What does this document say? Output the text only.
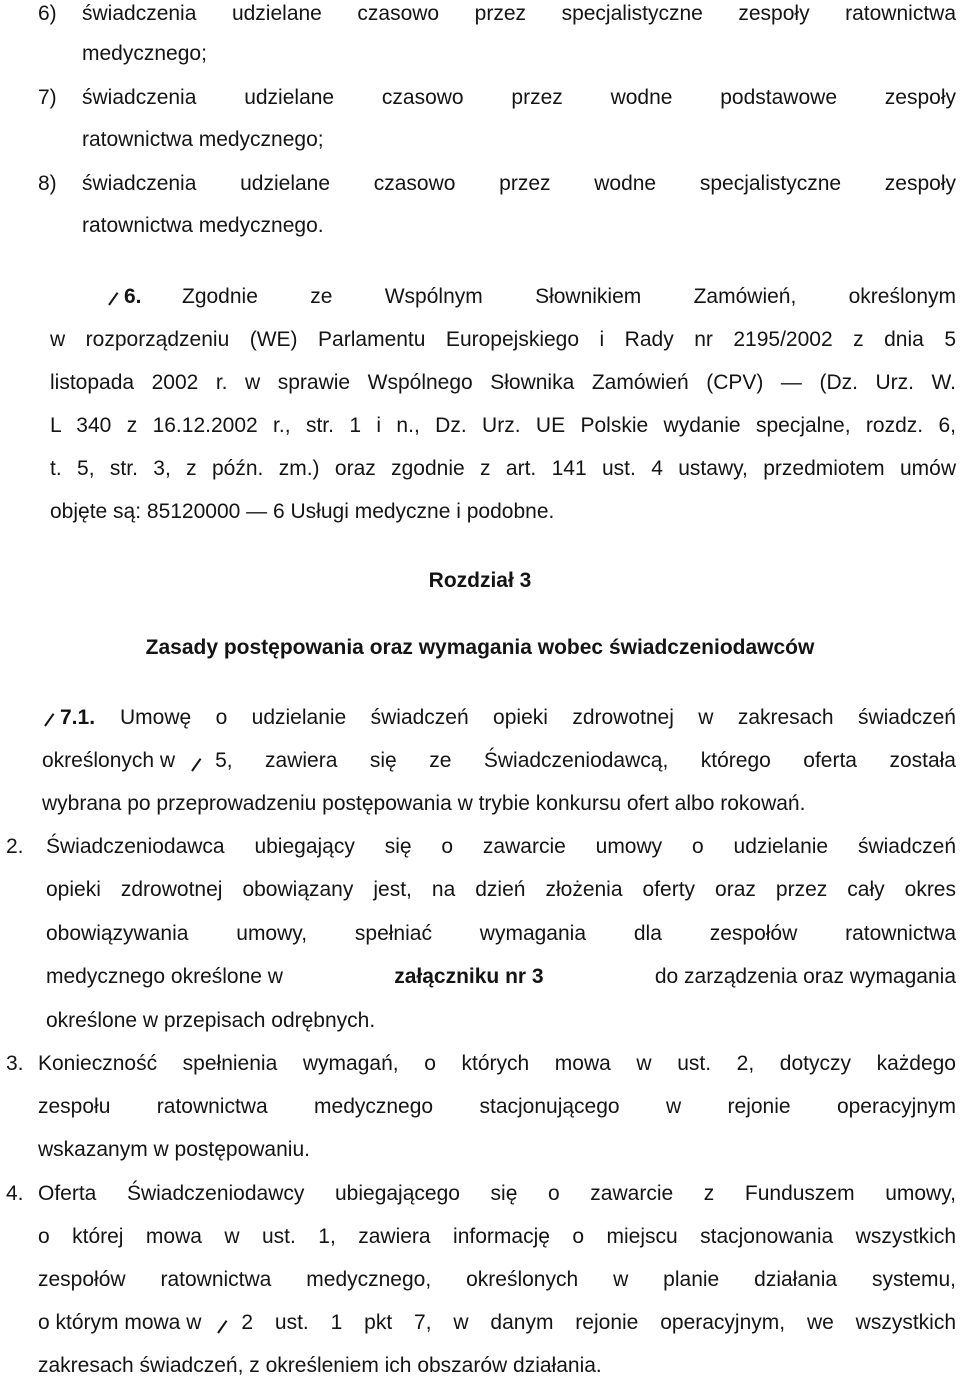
6) świadczenia udzielane czasowo przez specjalistyczne zespoły ratownictwa
medycznego;
7) świadczenia udzielane czasowo przez wodne podstawowe zespoły
ratownictwa medycznego;
8) świadczenia udzielane czasowo przez wodne specjalistyczne zespoły
ratownictwa medycznego.
6. Zgodnie ze Wspólnym Słownikiem Zamówień, określonym
w rozporządzeniu (WE) Parlamentu Europejskiego i Rady nr 2195/2002 z dnia 5
listopada 2002 r. w sprawie Wspólnego Słownika Zamówień (CPV) — (Dz. Urz. W.
L 340 z 16.12.2002 r., str. 1 i n., Dz. Urz. UE Polskie wydanie specjalne, rozdz. 6,
t. 5, str. 3, z późn. zm.) oraz zgodnie z art. 141 ust. 4 ustawy, przedmiotem umów
objęte są: 85120000 — 6 Usługi medyczne i podobne.
Rozdział 3
Zasady postępowania oraz wymagania wobec świadczeniodawców
7.1. Umowę o udzielanie świadczeń opieki zdrowotnej w zakresach świadczeń
określonych w 5, zawiera się ze Świadczeniodawcą, którego oferta została
wybrana po przeprowadzeniu postępowania w trybie konkursu ofert albo rokowań.
2. Świadczeniodawca ubiegający się o zawarcie umowy o udzielanie świadczeń
opieki zdrowotnej obowiązany jest, na dzień złożenia oferty oraz przez cały okres
obowiązywania umowy, spełniać wymagania dla zespołów ratownictwa
medycznego określone w	załączniku nr 3	do zarządzenia oraz wymagania
określone w przepisach odrębnych.
3. Konieczność spełnienia wymagań, o których mowa w ust. 2, dotyczy każdego
zespołu ratownictwa medycznego stacjonującego w rejonie operacyjnym
wskazanym w postępowaniu.
4. Oferta Świadczeniodawcy ubiegającego się o zawarcie z Funduszem umowy,
o której mowa w ust. 1, zawiera informację o miejscu stacjonowania wszystkich
zespołów ratownictwa medycznego, określonych w planie działania systemu,
o którym mowa w 2 ust. 1 pkt 7, w danym rejonie operacyjnym, we wszystkich
zakresach świadczeń, z określeniem ich obszarów działania.
